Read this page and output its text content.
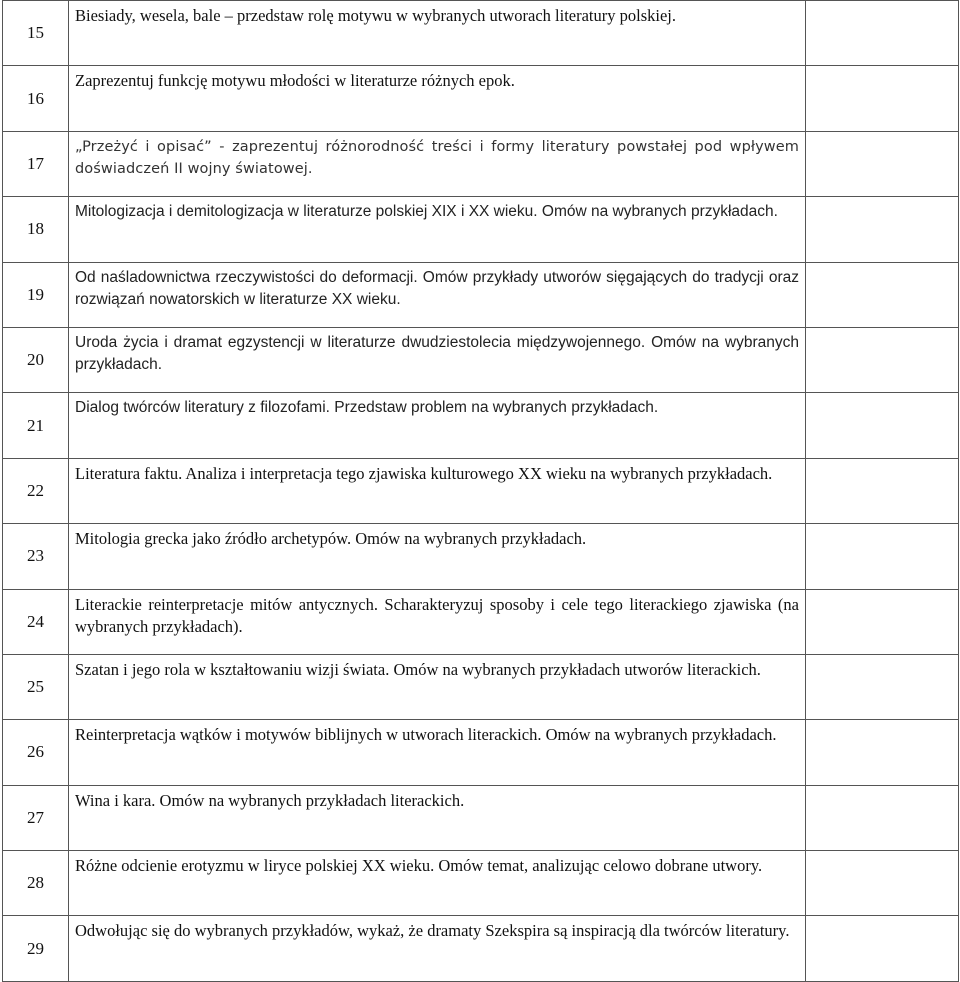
15	Biesiady, wesela, bale – przedstaw rolę motywu w wybranych utworach literatury polskiej.	
16	Zaprezentuj funkcję motywu młodości w literaturze różnych epok.	
17	„Przeżyć i opisać” - zaprezentuj różnorodność treści i formy literatury powstałej pod wpływem doświadczeń II wojny światowej.	
18	Mitologizacja i demitologizacja w literaturze polskiej XIX i XX wieku. Omów na wybranych przykładach.	
19	Od naśladownictwa rzeczywistości do deformacji. Omów przykłady utworów sięgających do tradycji oraz rozwiązań nowatorskich w literaturze XX wieku.	
20	Uroda życia i dramat egzystencji w literaturze dwudziestolecia międzywojennego. Omów na wybranych przykładach.	
21	Dialog twórców literatury z filozofami. Przedstaw problem na wybranych przykładach.	
22	Literatura faktu. Analiza i interpretacja tego zjawiska kulturowego XX wieku na wybranych przykładach.	
23	Mitologia grecka jako źródło archetypów. Omów na wybranych przykładach.	
24	Literackie reinterpretacje mitów antycznych. Scharakteryzuj sposoby i cele tego literackiego zjawiska (na wybranych przykładach).	
25	Szatan i jego rola w kształtowaniu wizji świata. Omów na wybranych przykładach utworów literackich.	
26	Reinterpretacja wątków i motywów biblijnych w utworach literackich. Omów na wybranych przykładach.	
27	Wina i kara. Omów na wybranych przykładach literackich.	
28	Różne odcienie erotyzmu w liryce polskiej XX wieku. Omów temat, analizując celowo dobrane utwory.	
29	Odwołując się do wybranych przykładów, wykaż, że dramaty Szekspira są inspiracją dla twórców literatury.	
